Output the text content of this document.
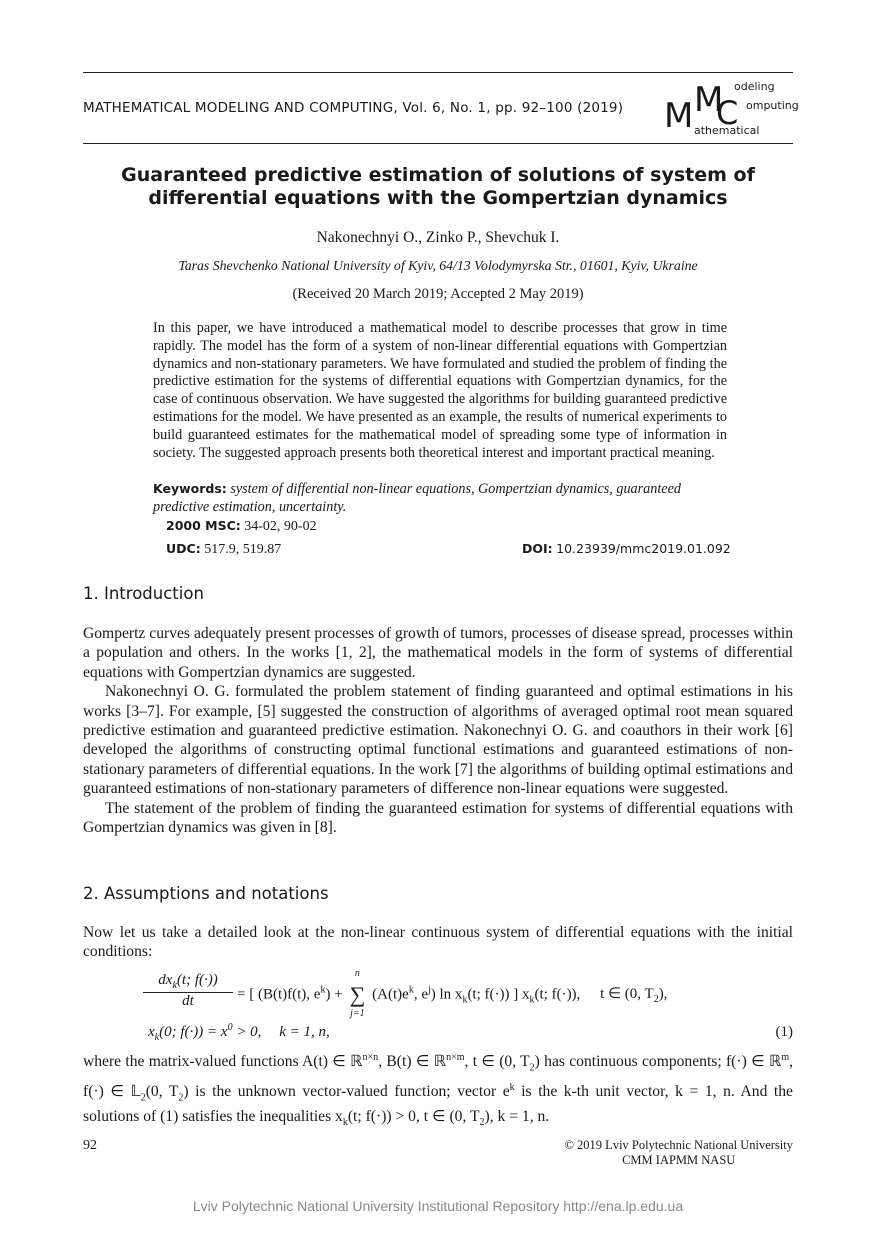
MATHEMATICAL MODELING AND COMPUTING, Vol. 6, No. 1, pp. 92–100 (2019) M M
C
odeling
omputing
athematical
Guaranteed predictive estimation of solutions of system of differential equations with the Gompertzian dynamics
Nakonechnyi O., Zinko P., Shevchuk I.
Taras Shevchenko National University of Kyiv, 64/13 Volodymyrska Str., 01601, Kyiv, Ukraine
(Received 20 March 2019; Accepted 2 May 2019)

In this paper, we have introduced a mathematical model to describe processes that grow in time rapidly. The model has the form of a system of non-linear differential equations with Gompertzian dynamics and non-stationary parameters. We have formulated and studied the problem of finding the predictive estimation for the systems of differential equations with Gompertzian dynamics, for the case of continuous observation. We have suggested the algorithms for building guaranteed predictive estimations for the model. We have presented as an example, the results of numerical experiments to build guaranteed estimates for the mathematical model of spreading some type of information in society. The suggested approach presents both theoretical interest and important practical meaning.

Keywords: system of differential non-linear equations, Gompertzian dynamics, guaranteed predictive estimation, uncertainty.
2000 MSC: 34-02, 90-02
UDC: 517.9, 519.87	DOI: 10.23939/mmc2019.01.092
1. Introduction

Gompertz curves adequately present processes of growth of tumors, processes of disease spread, processes within a population and others. In the works [1, 2], the mathematical models in the form of systems of differential equations with Gompertzian dynamics are suggested.

Nakonechnyi O. G. formulated the problem statement of finding guaranteed and optimal estimations in his works [3–7]. For example, [5] suggested the construction of algorithms of averaged optimal root mean squared predictive estimation and guaranteed predictive estimation. Nakonechnyi O. G. and coauthors in their work [6] developed the algorithms of constructing optimal functional estimations and guaranteed estimations of non-stationary parameters of differential equations. In the work [7] the algorithms of building optimal estimations and guaranteed estimations of non-stationary parameters of difference non-linear equations were suggested.

The statement of the problem of finding the guaranteed estimation for systems of differential equations with Gompertzian dynamics was given in [8].

2. Assumptions and notations
Now let us take a detailed look at the non-linear continuous system of differential equations with the initial conditions:
$dx_k(t$; f(·))
dt	= [ (B(t)f(t), $e^k$) + ∑
n
j=1
($A(t)e^k$, $e^j$) $\ln x_k(t$; f(·)) ] $x_k(t$; f(·)), t ∈ (0, $T_2$),
$x_k(0$; $f(\cdot)) = x^0 > 0$, k = 1, n,	(1)

where the matrix-valued functions A(t) ∈ ℝ$^{n\times n}$, B(t) ∈ ℝ$^{n\times m}$, t ∈ (0, $T_2$) has continuous components; f(·) ∈ ℝ$^m$, f(·) ∈ 𝕃$_2$(0, $T_2$) is the unknown vector-valued function; vector $e^k$ is the k-th unit vector, k = 1, n. And the solutions of (1) satisfies the inequalities $x_k(t$; f(·)) > 0, t ∈ (0, $T_2$), k = 1, n.

92	© 2019 Lviv Polytechnic National University
CMM IAPMM NASU
Lviv Polytechnic National University Institutional Repository http://ena.lp.edu.ua
